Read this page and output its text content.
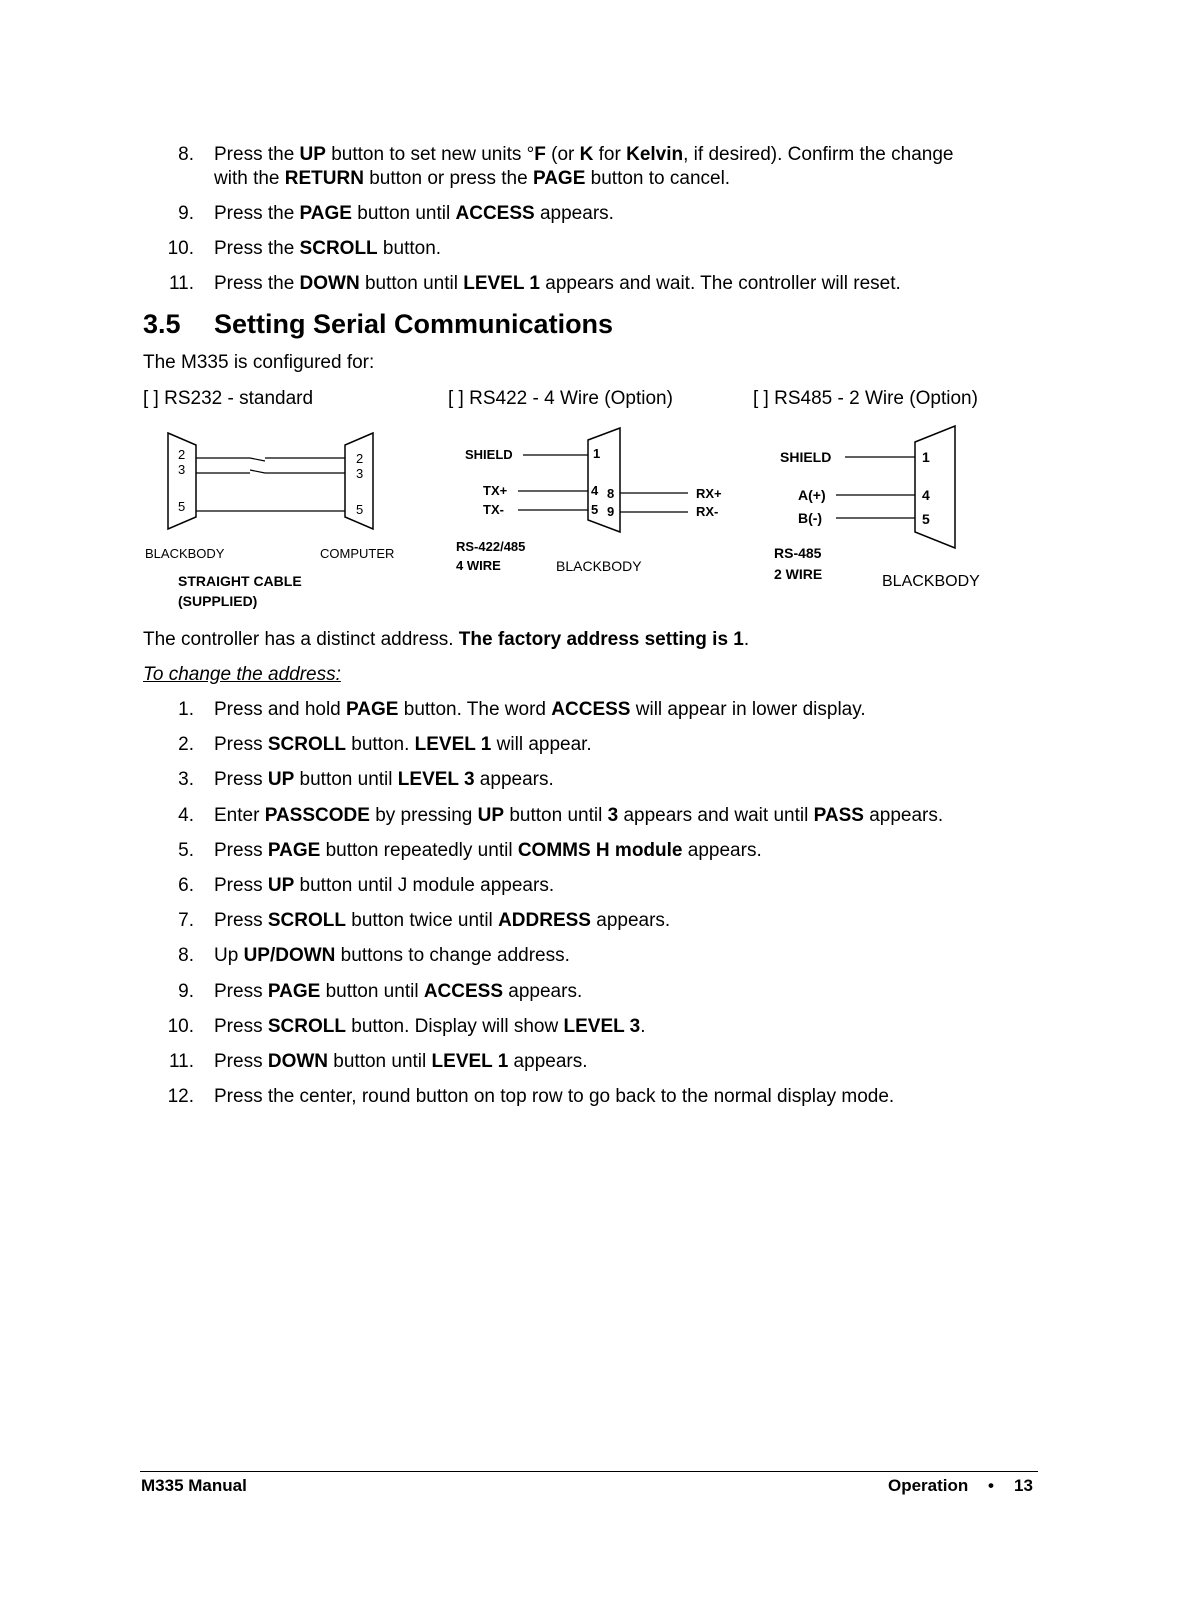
8. Press the UP button to set new units °F (or K for Kelvin, if desired). Confirm the change
with the RETURN button or press the PAGE button to cancel.
9. Press the PAGE button until ACCESS appears.
10. Press the SCROLL button.
11. Press the DOWN button until LEVEL 1 appears and wait. The controller will reset.
3.5 Setting Serial Communications
The M335 is configured for:
[ ] RS232 - standard	[ ] RS422 - 4 Wire (Option)	[ ] RS485 - 2 Wire (Option)
2
3
5
2
3
5
BLACKBODY	COMPUTER
STRAIGHT CABLE
(SUPPLIED)
SHIELD	1
TX+
TX-
4
5
8
9
RX+
RX-
RS-422/485
4 WIRE	BLACKBODY
SHIELD	1
A(+)
B(-)
4
5
RS-485
2 WIRE	BLACKBODY
The controller has a distinct address. The factory address setting is 1.
To change the address:
1. Press and hold PAGE button. The word ACCESS will appear in lower display.
2. Press SCROLL button. LEVEL 1 will appear.
3. Press UP button until LEVEL 3 appears.
4. Enter PASSCODE by pressing UP button until 3 appears and wait until PASS appears.
5. Press PAGE button repeatedly until COMMS H module appears.
6. Press UP button until J module appears.
7. Press SCROLL button twice until ADDRESS appears.
8. Up UP/DOWN buttons to change address.
9. Press PAGE button until ACCESS appears.
10. Press SCROLL button. Display will show LEVEL 3.
11. Press DOWN button until LEVEL 1 appears.
12. Press the center, round button on top row to go back to the normal display mode.
M335 Manual	Operation • 13
